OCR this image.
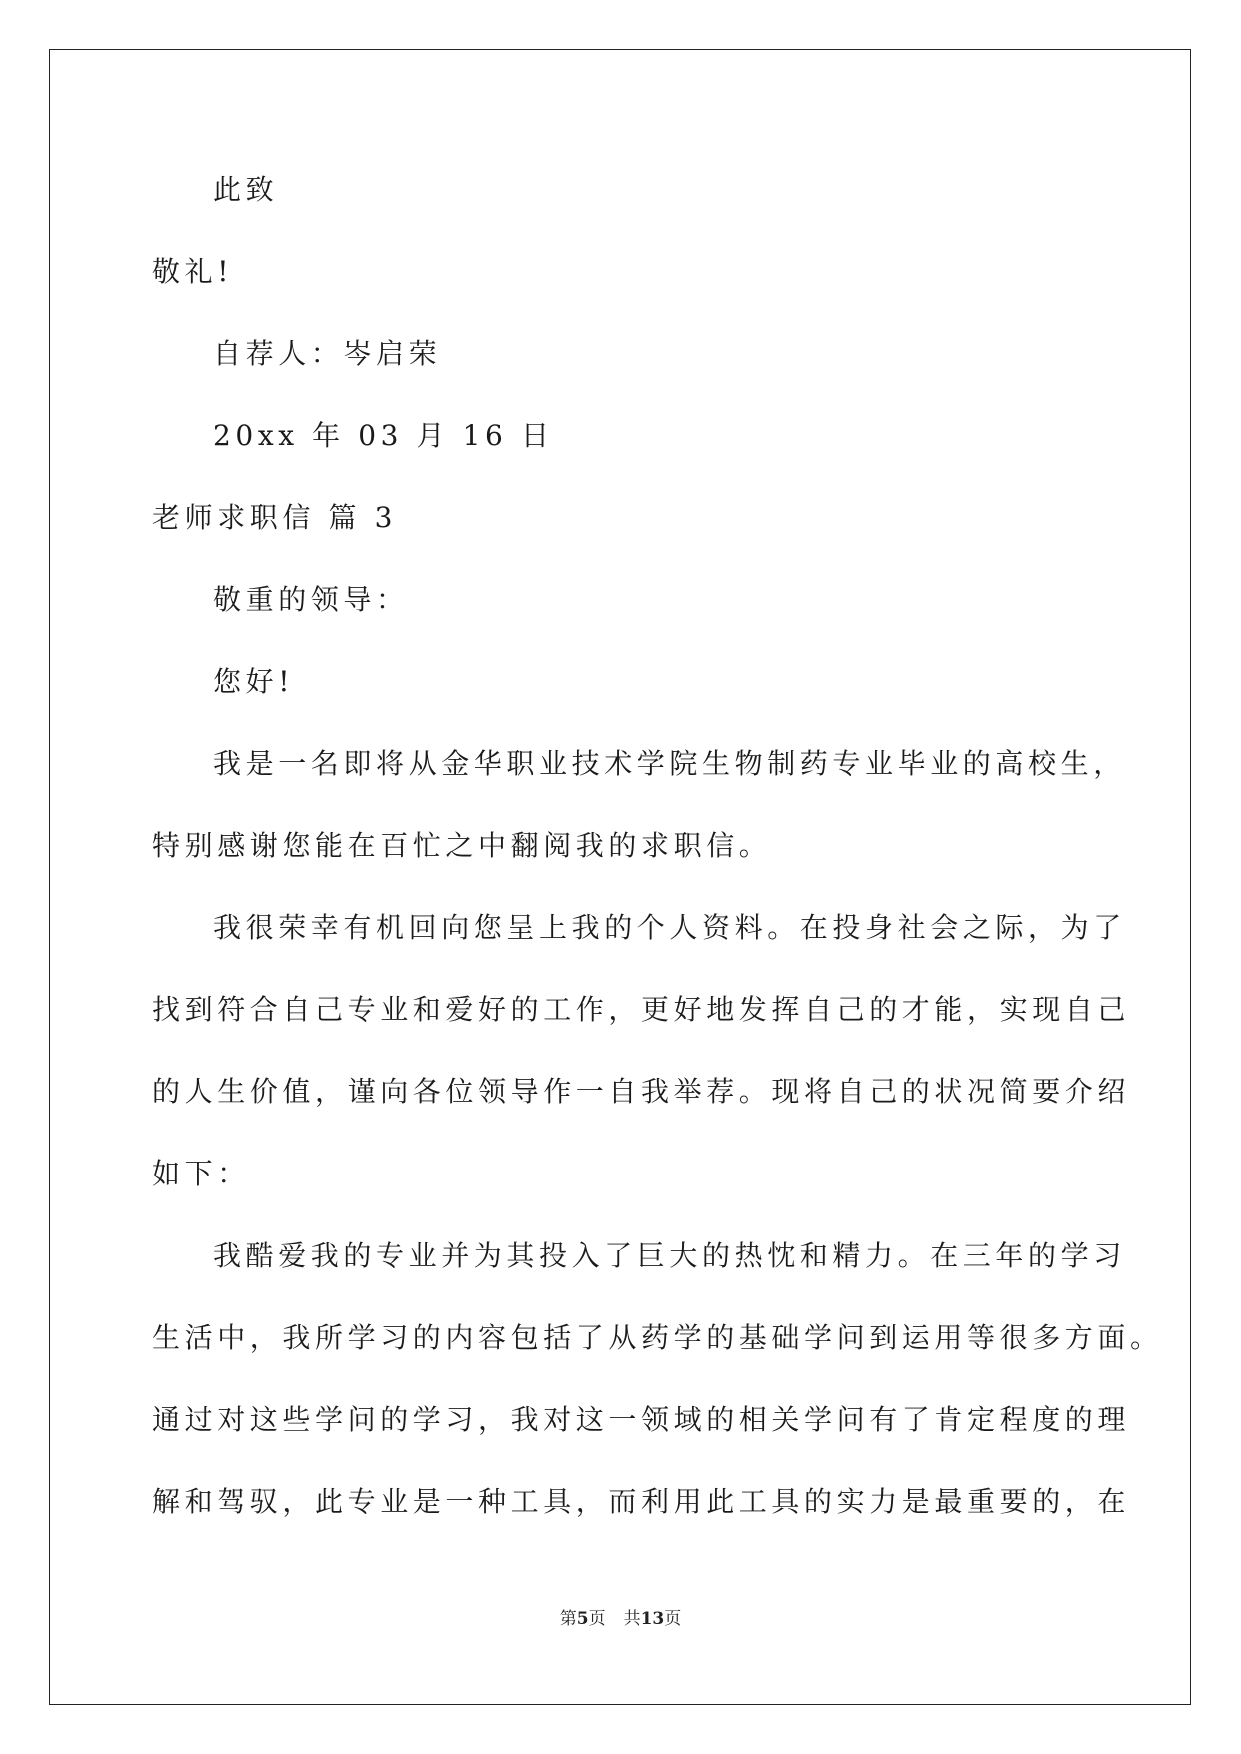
此致
敬礼!
自荐人：岑启荣
20xx 年 03 月 16 日
老师求职信 篇 3
敬重的领导：
您好!
我是一名即将从金华职业技术学院生物制药专业毕业的高校生，
特别感谢您能在百忙之中翻阅我的求职信。
我很荣幸有机回向您呈上我的个人资料。在投身社会之际，为了
找到符合自己专业和爱好的工作，更好地发挥自己的才能，实现自己
的人生价值，谨向各位领导作一自我举荐。现将自己的状况简要介绍
如下：
我酷爱我的专业并为其投入了巨大的热忱和精力。在三年的学习
生活中，我所学习的内容包括了从药学的基础学问到运用等很多方面。
通过对这些学问的学习，我对这一领域的相关学问有了肯定程度的理
解和驾驭，此专业是一种工具，而利用此工具的实力是最重要的，在
第5页 共13页
